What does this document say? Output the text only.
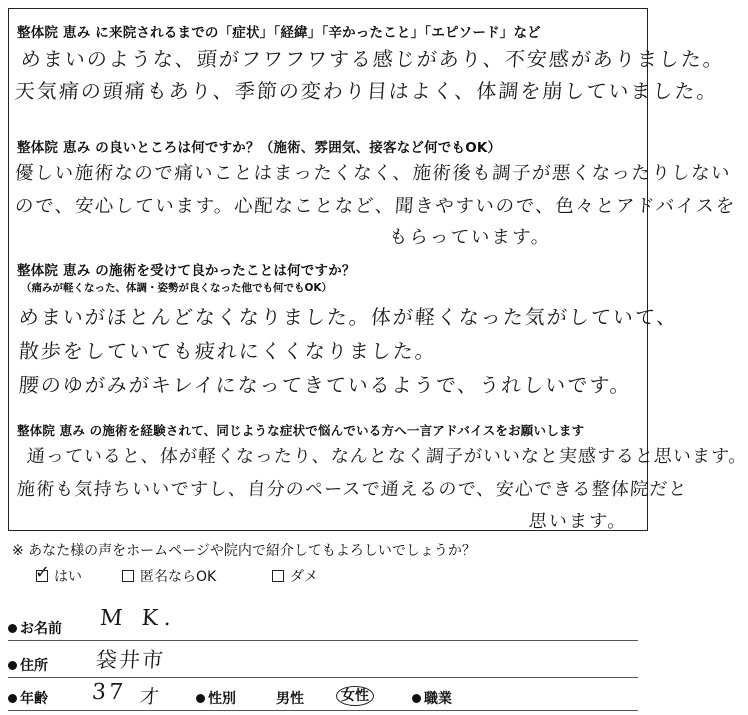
整体院 恵み に来院されるまでの「症状」「経緯」「辛かったこと」「エピソード」など
めまいのような、頭がフワフワする感じがあり、不安感がありました。
天気痛の頭痛もあり、季節の変わり目はよく、体調を崩していました。
整体院 恵み の良いところは何ですか？（施術、雰囲気、接客など何でもOK）
優しい施術なので痛いことはまったくなく、施術後も調子が悪くなったりしない
ので、安心しています。心配なことなど、聞きやすいので、色々とアドバイスを
もらっています。
整体院 恵み の施術を受けて良かったことは何ですか？
（痛みが軽くなった、体調・姿勢が良くなった他でも何でもOK）
めまいがほとんどなくなりました。体が軽くなった気がしていて、
散歩をしていても疲れにくくなりました。
腰のゆがみがキレイになってきているようで、うれしいです。
整体院 恵み の施術を経験されて、同じような症状で悩んでいる方へ一言アドバイスをお願いします
通っていると、体が軽くなったり、なんとなく調子がいいなと実感すると思います。
施術も気持ちいいですし、自分のペースで通えるので、安心できる整体院だと
思います。
※ あなた様の声をホームページや院内で紹介してもよろしいでしょうか？
✓ はい	匿名ならOK	ダメ
お名前 M K.
住所 袋井市
年齢 37 才	性別	男性	女性	職業
